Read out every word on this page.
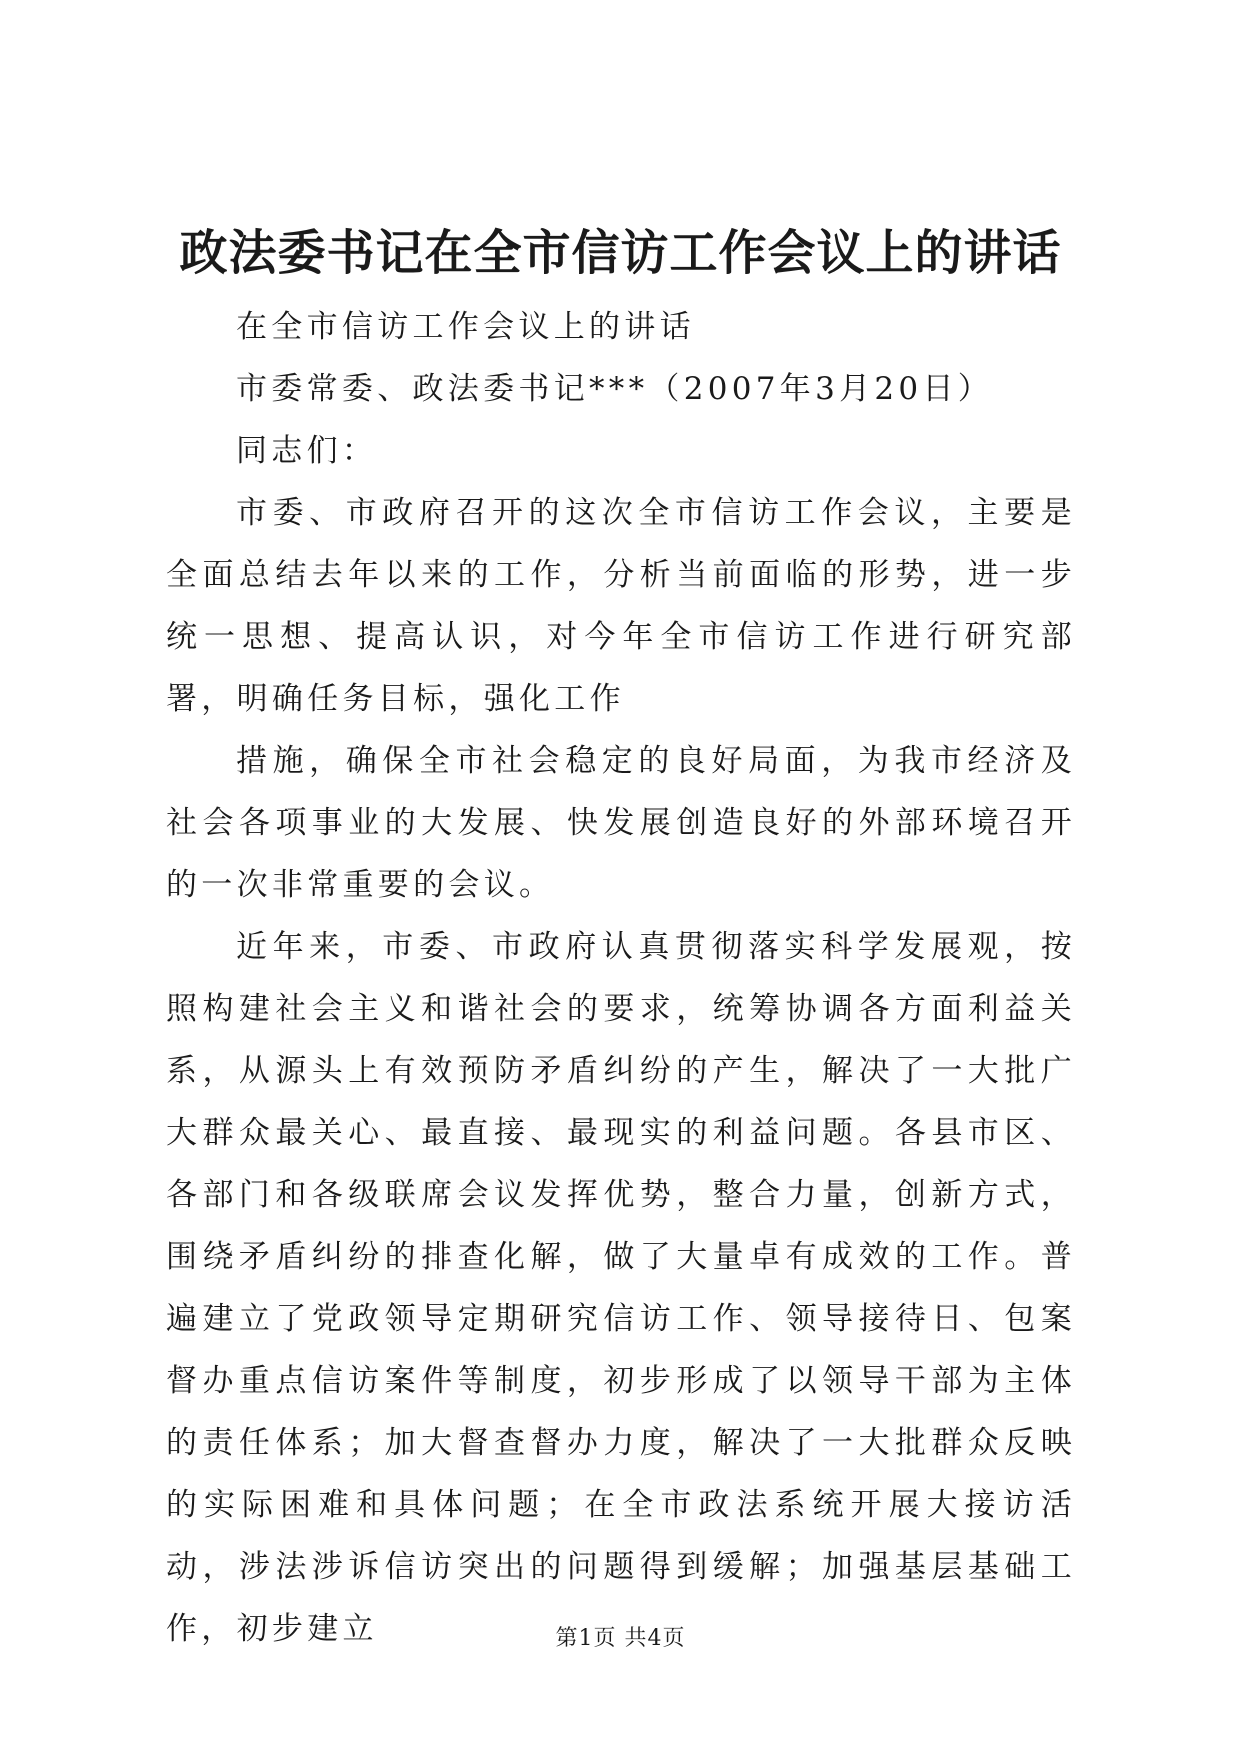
政法委书记在全市信访工作会议上的讲话

在全市信访工作会议上的讲话

市委常委、政法委书记***（2007年3月20日）

同志们：

市委、市政府召开的这次全市信访工作会议，主要是全面总结去年以来的工作，分析当前面临的形势，进一步统一思想、提高认识，对今年全市信访工作进行研究部署，明确任务目标，强化工作

措施，确保全市社会稳定的良好局面，为我市经济及社会各项事业的大发展、快发展创造良好的外部环境召开的一次非常重要的会议。

近年来，市委、市政府认真贯彻落实科学发展观，按照构建社会主义和谐社会的要求，统筹协调各方面利益关系，从源头上有效预防矛盾纠纷的产生，解决了一大批广大群众最关心、最直接、最现实的利益问题。各县市区、各部门和各级联席会议发挥优势，整合力量，创新方式，围绕矛盾纠纷的排查化解，做了大量卓有成效的工作。普遍建立了党政领导定期研究信访工作、领导接待日、包案督办重点信访案件等制度，初步形成了以领导干部为主体的责任体系；加大督查督办力度，解决了一大批群众反映的实际困难和具体问题；在全市政法系统开展大接访活动，涉法涉诉信访突出的问题得到缓解；加强基层基础工作，初步建立	第1页 共4页
